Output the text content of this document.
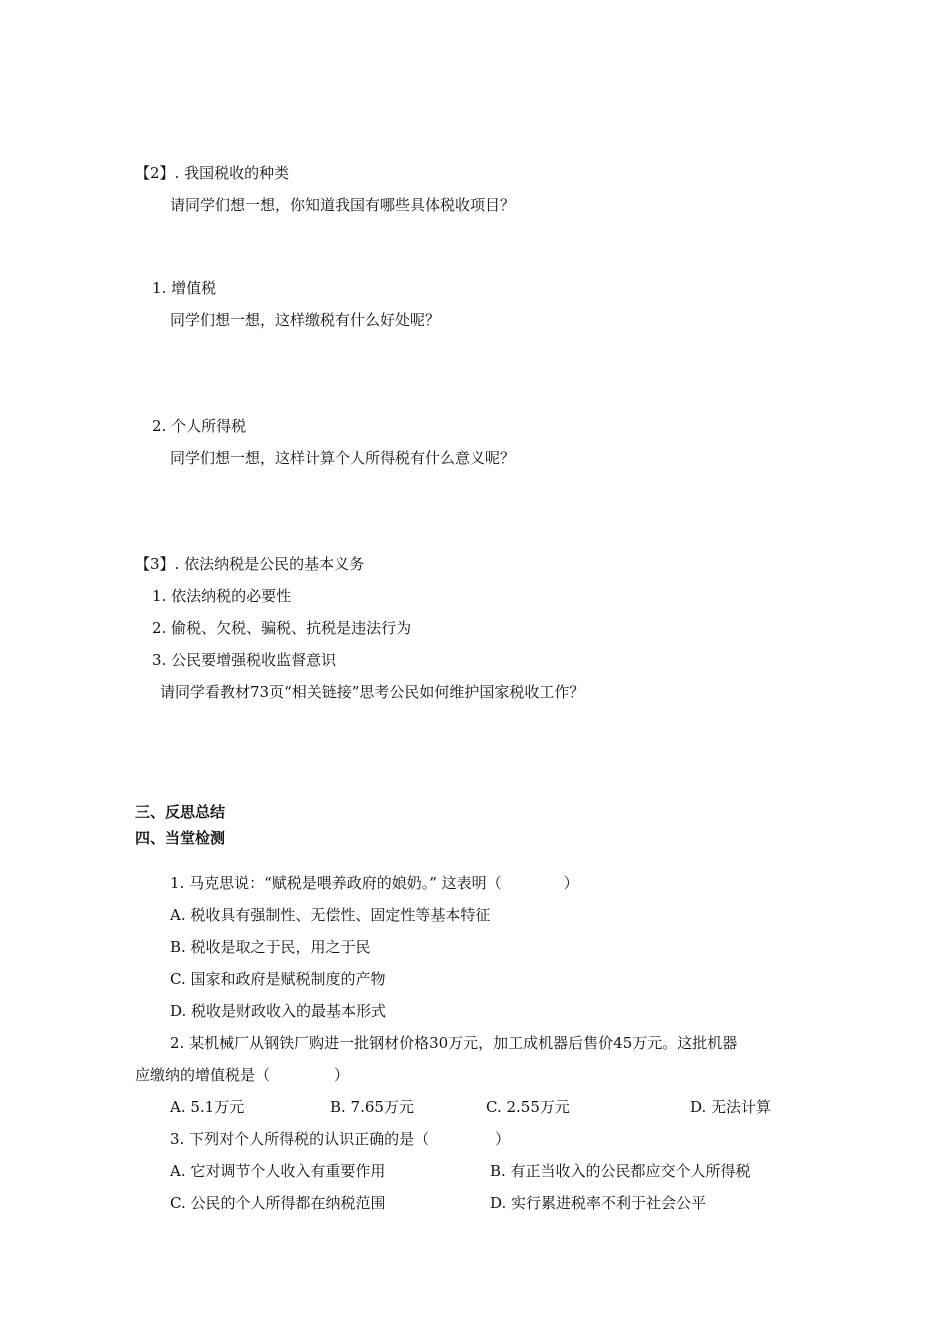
【2】. 我国税收的种类
请同学们想一想，你知道我国有哪些具体税收项目？
1. 增值税
同学们想一想，这样缴税有什么好处呢？
2. 个人所得税
同学们想一想，这样计算个人所得税有什么意义呢？
【3】. 依法纳税是公民的基本义务
1. 依法纳税的必要性
2. 偷税、欠税、骗税、抗税是违法行为
3. 公民要增强税收监督意识
请同学看教材73页“相关链接”思考公民如何维护国家税收工作？
三、反思总结
四、当堂检测
1. 马克思说：“赋税是喂养政府的娘奶。” 这表明（	）
A. 税收具有强制性、无偿性、固定性等基本特征
B. 税收是取之于民，用之于民
C. 国家和政府是赋税制度的产物
D. 税收是财政收入的最基本形式
2. 某机械厂从钢铁厂购进一批钢材价格30万元，加工成机器后售价45万元。这批机器
应缴纳的增值税是（	）
A. 5.1万元	B. 7.65万元	C. 2.55万元	D. 无法计算
3. 下列对个人所得税的认识正确的是（	）
A. 它对调节个人收入有重要作用	B. 有正当收入的公民都应交个人所得税
C. 公民的个人所得都在纳税范围	D. 实行累进税率不利于社会公平
